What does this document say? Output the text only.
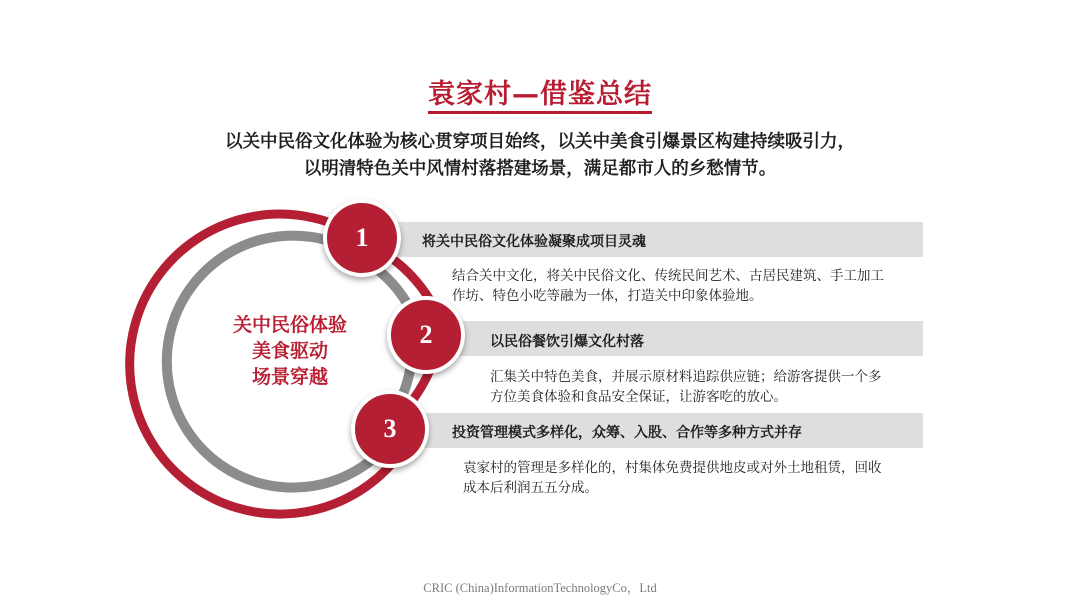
袁家村—借鉴总结
以关中民俗文化体验为核心贯穿项目始终，以关中美食引爆景区构建持续吸引力，
以明清特色关中风情村落搭建场景，满足都市人的乡愁情节。
关中民俗体验
美食驱动
场景穿越
将关中民俗文化体验凝聚成项目灵魂
结合关中文化，将关中民俗文化、传统民间艺术、古居民建筑、手工加工
作坊、特色小吃等融为一体，打造关中印象体验地。
1
以民俗餐饮引爆文化村落
汇集关中特色美食，并展示原材料追踪供应链；给游客提供一个多
方位美食体验和食品安全保证，让游客吃的放心。
2
投资管理模式多样化，众筹、入股、合作等多种方式并存
袁家村的管理是多样化的，村集体免费提供地皮或对外土地租赁，回收
成本后利润五五分成。
3
CRIC (China)InformationTechnologyCo，Ltd
